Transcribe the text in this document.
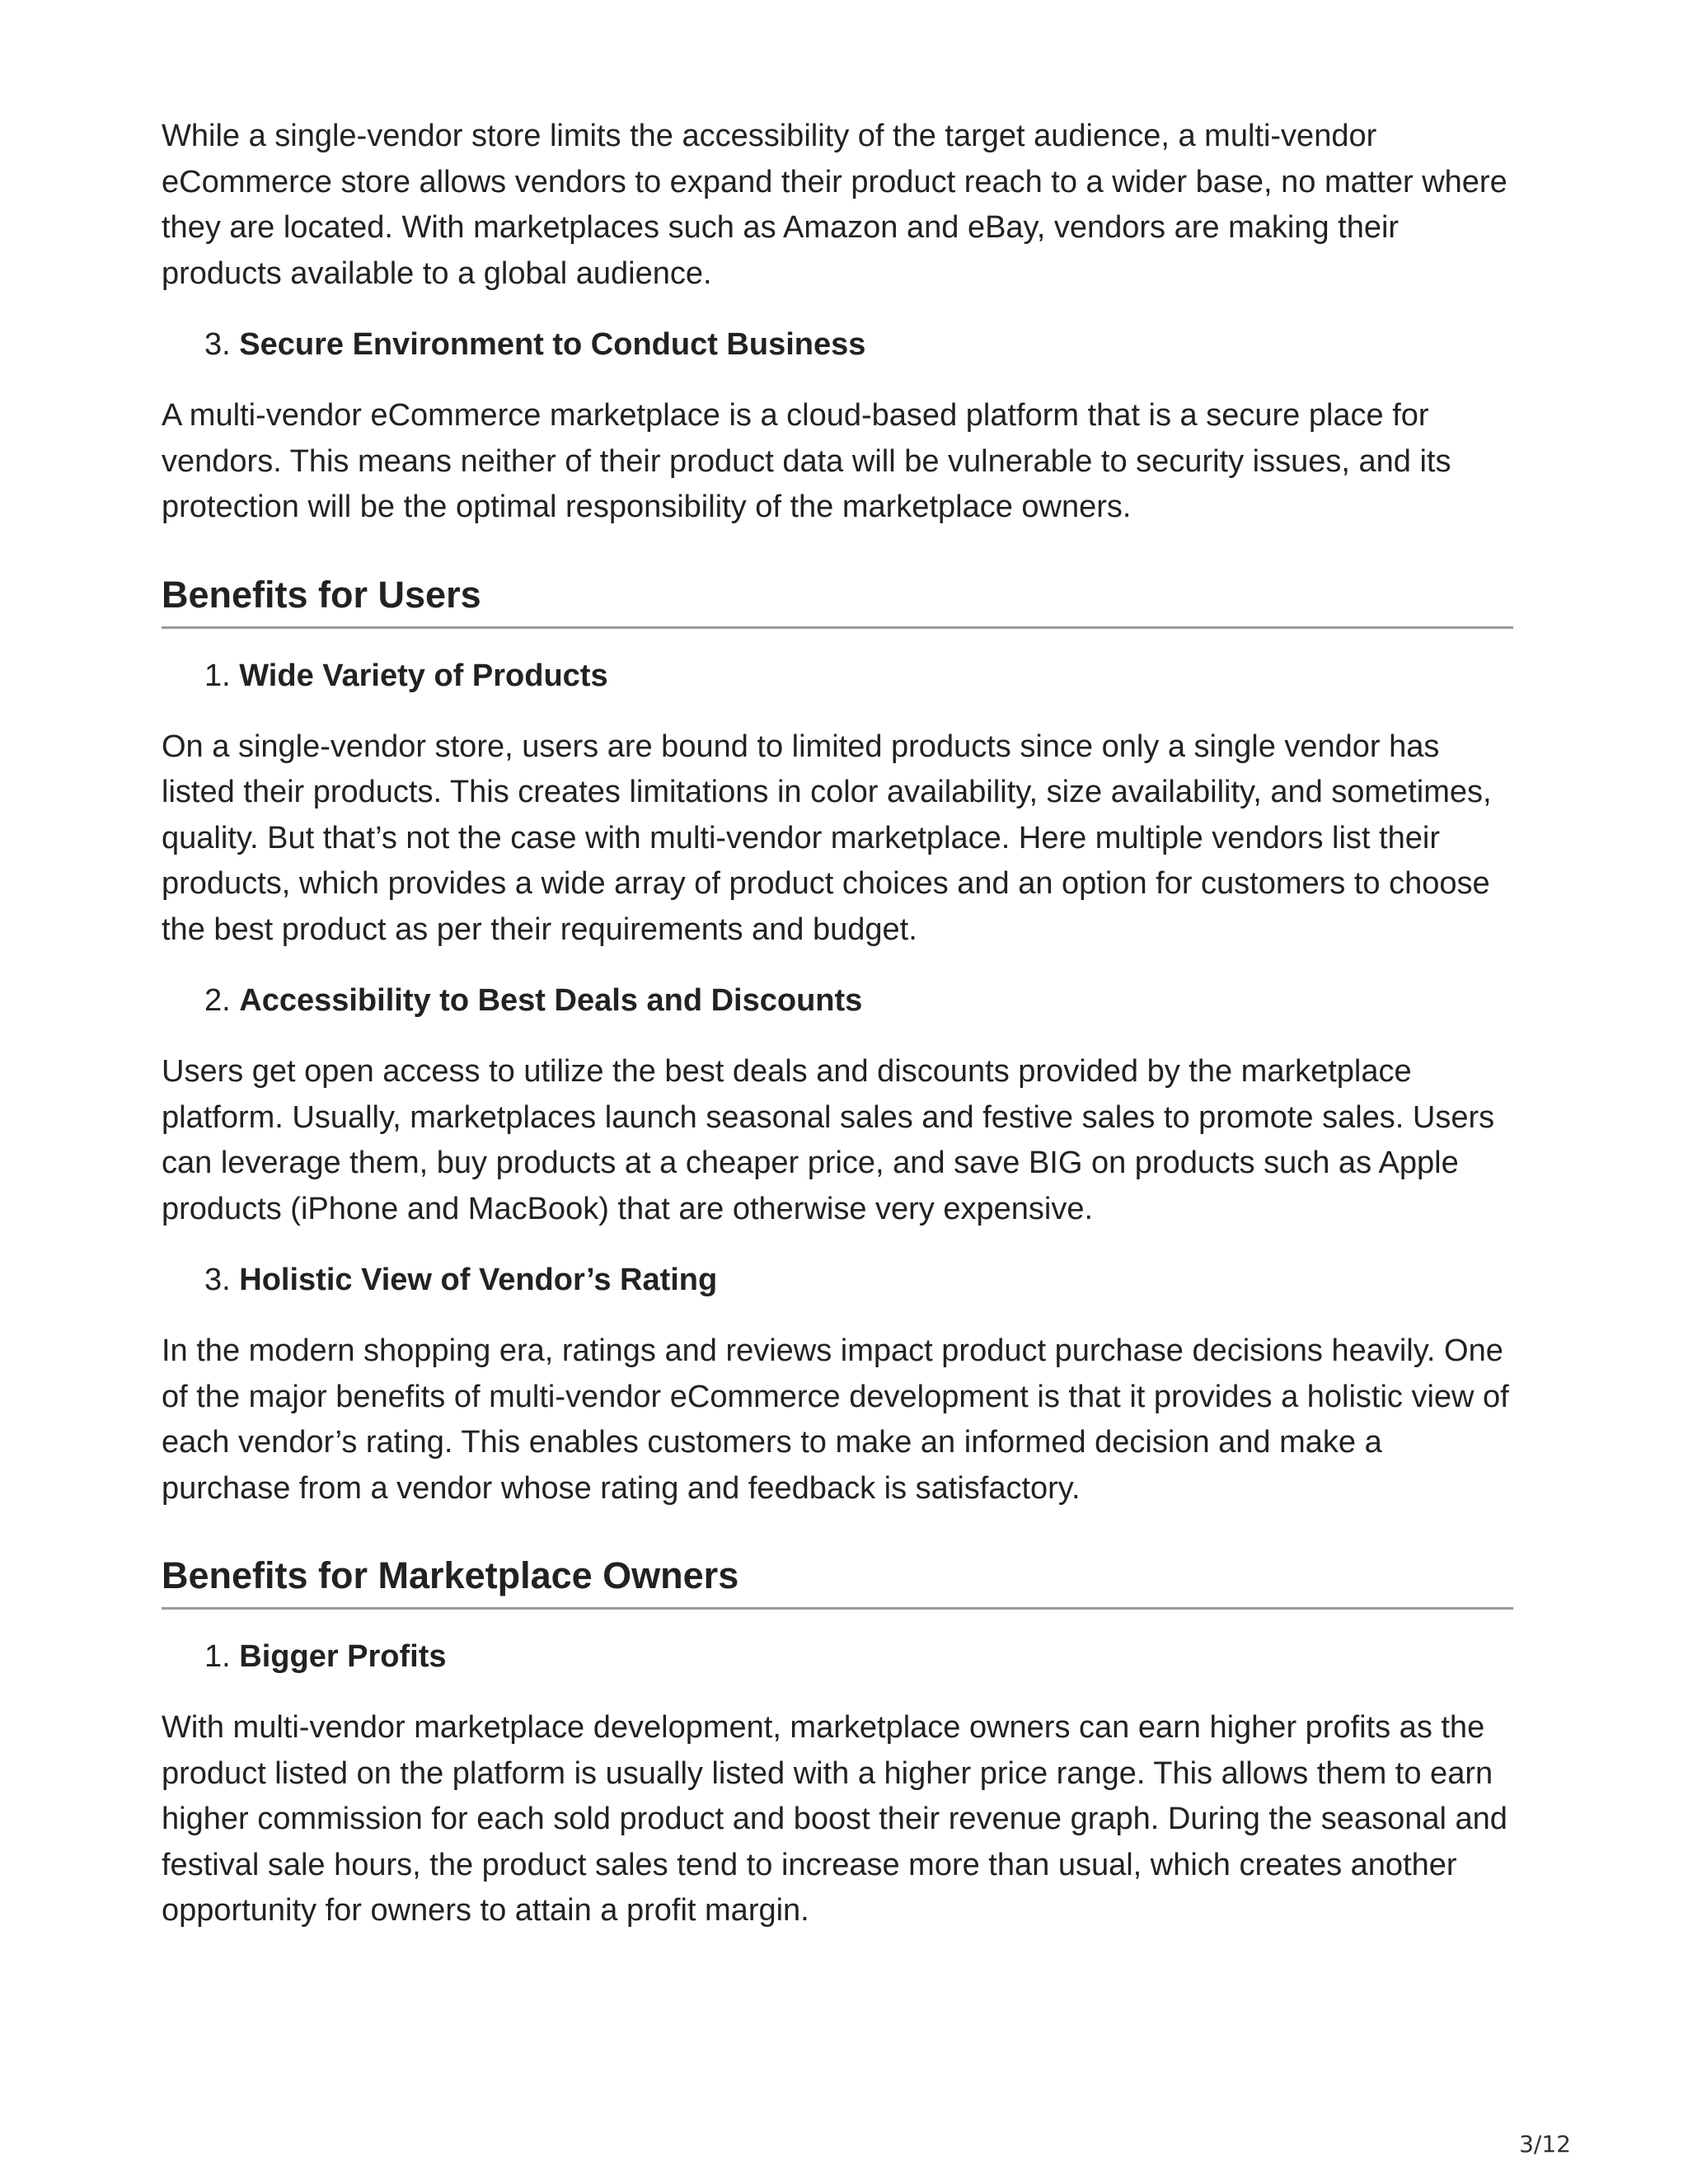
While a single-vendor store limits the accessibility of the target audience, a multi-vendor eCommerce store allows vendors to expand their product reach to a wider base, no matter where they are located. With marketplaces such as Amazon and eBay, vendors are making their products available to a global audience.

3. Secure Environment to Conduct Business

A multi-vendor eCommerce marketplace is a cloud-based platform that is a secure place for vendors. This means neither of their product data will be vulnerable to security issues, and its protection will be the optimal responsibility of the marketplace owners.

Benefits for Users
1. Wide Variety of Products

On a single-vendor store, users are bound to limited products since only a single vendor has listed their products. This creates limitations in color availability, size availability, and sometimes, quality. But that’s not the case with multi-vendor marketplace. Here multiple vendors list their products, which provides a wide array of product choices and an option for customers to choose the best product as per their requirements and budget.

2. Accessibility to Best Deals and Discounts

Users get open access to utilize the best deals and discounts provided by the marketplace platform. Usually, marketplaces launch seasonal sales and festive sales to promote sales. Users can leverage them, buy products at a cheaper price, and save BIG on products such as Apple products (iPhone and MacBook) that are otherwise very expensive.

3. Holistic View of Vendor’s Rating

In the modern shopping era, ratings and reviews impact product purchase decisions heavily. One of the major benefits of multi-vendor eCommerce development is that it provides a holistic view of each vendor’s rating. This enables customers to make an informed decision and make a purchase from a vendor whose rating and feedback is satisfactory.

Benefits for Marketplace Owners
1. Bigger Profits

With multi-vendor marketplace development, marketplace owners can earn higher profits as the product listed on the platform is usually listed with a higher price range. This allows them to earn higher commission for each sold product and boost their revenue graph. During the seasonal and festival sale hours, the product sales tend to increase more than usual, which creates another opportunity for owners to attain a profit margin.

3/12
